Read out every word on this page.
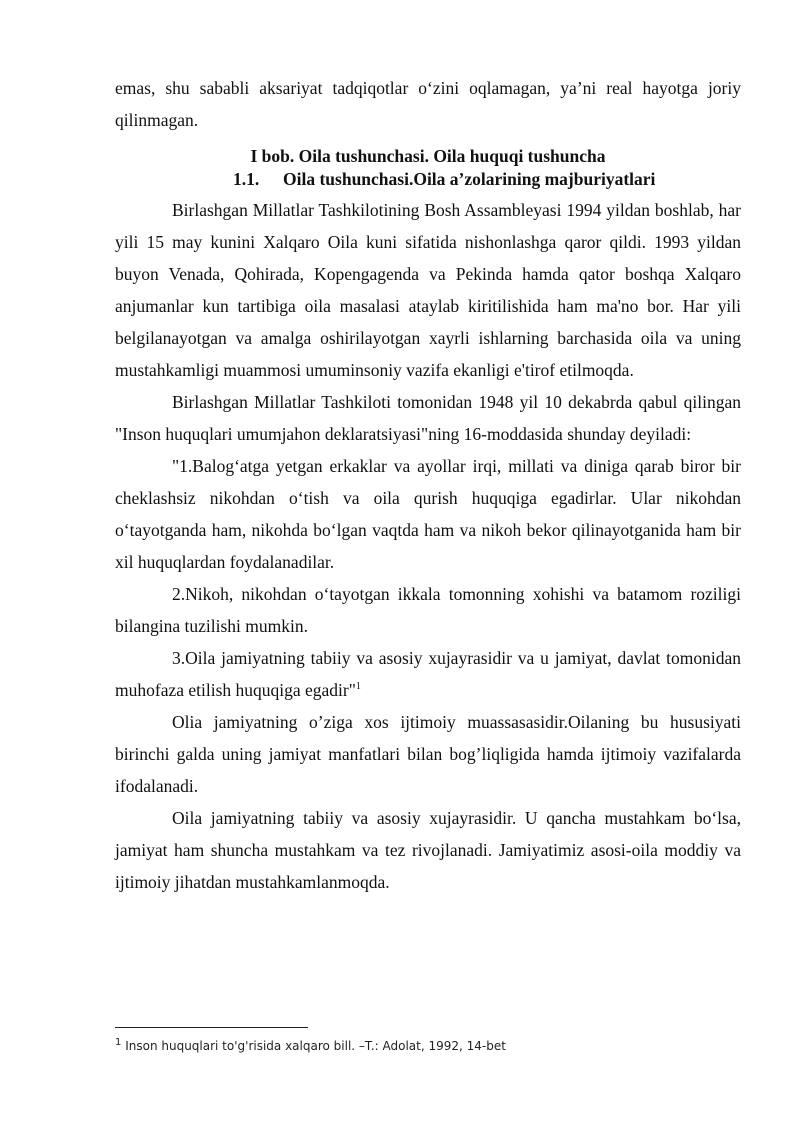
emas, shu sababli aksariyat tadqiqotlar o‘zini oqlamagan, ya’ni real hayotga joriy qilinmagan.

I bob. Oila tushunchasi. Oila huquqi tushuncha
1.1. Oila tushunchasi.Oila a’zolarining majburiyatlari

Birlashgan Millatlar Tashkilotining Bosh Assambleyasi 1994 yildan boshlab, har yili 15 may kunini Xalqaro Oila kuni sifatida nishonlashga qaror qildi. 1993 yildan buyon Venada, Qohirada, Kopengagenda va Pekinda hamda qator boshqa Xalqaro anjumanlar kun tartibiga oila masalasi ataylab kiritilishida ham ma'no bor. Har yili belgilanayotgan va amalga oshirilayotgan xayrli ishlarning barchasida oila va uning mustahkamligi muammosi umuminsoniy vazifa ekanligi e'tirof etilmoqda.

Birlashgan Millatlar Tashkiloti tomonidan 1948 yil 10 dekabrda qabul qilingan "Inson huquqlari umumjahon deklaratsiyasi"ning 16-moddasida shunday deyiladi:

"1.Balog‘atga yetgan erkaklar va ayollar irqi, millati va diniga qarab biror bir cheklashsiz nikohdan o‘tish va oila qurish huquqiga egadirlar. Ular nikohdan o‘tayotganda ham, nikohda bo‘lgan vaqtda ham va nikoh bekor qilinayotganida ham bir xil huquqlardan foydalanadilar.

2.Nikoh, nikohdan o‘tayotgan ikkala tomonning xohishi va batamom roziligi bilangina tuzilishi mumkin.

3.Oila jamiyatning tabiiy va asosiy xujayrasidir va u jamiyat, davlat tomonidan muhofaza etilish huquqiga egadir"$^1$

Olia jamiyatning o’ziga xos ijtimoiy muassasasidir.Oilaning bu hususiyati birinchi galda uning jamiyat manfatlari bilan bog’liqligida hamda ijtimoiy vazifalarda ifodalanadi.

Oila jamiyatning tabiiy va asosiy xujayrasidir. U qancha mustahkam bo‘lsa, jamiyat ham shuncha mustahkam va tez rivojlanadi. Jamiyatimiz asosi-oila moddiy va ijtimoiy jihatdan mustahkamlanmoqda.

$^1$ Inson huquqlari to'g'risida xalqaro bill. –T.: Adolat, 1992, 14-bet
